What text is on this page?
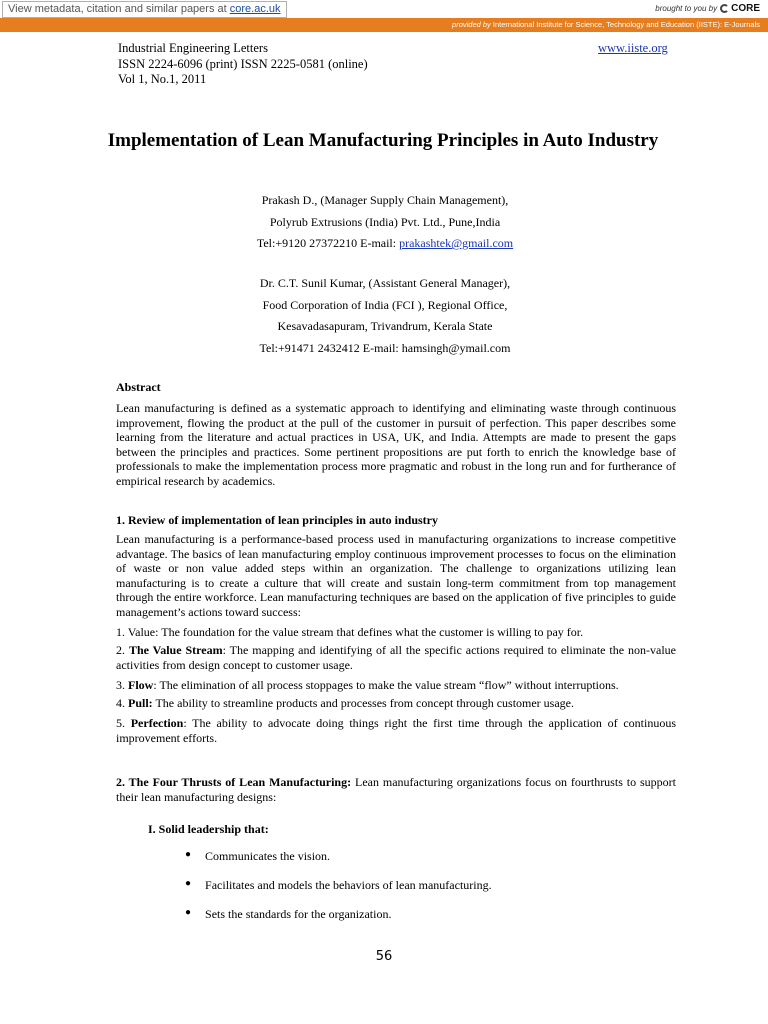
View metadata, citation and similar papers at core.ac.uk	brought to you by CORE
provided by International Institute for Science, Technology and Education (IISTE): E-Journals
Industrial Engineering Letters
ISSN 2224-6096 (print) ISSN 2225-0581 (online)
Vol 1, No.1, 2011
www.iiste.org
Implementation of Lean Manufacturing Principles in Auto Industry
Prakash D., (Manager Supply Chain Management),
Polyrub Extrusions (India) Pvt. Ltd., Pune,India
Tel:+9120 27372210 E-mail: prakashtek@gmail.com
Dr. C.T. Sunil Kumar, (Assistant General Manager),
Food Corporation of India (FCI ), Regional Office,
Kesavadasapuram, Trivandrum, Kerala State
Tel:+91471 2432412 E-mail: hamsingh@ymail.com
Abstract
Lean manufacturing is defined as a systematic approach to identifying and eliminating waste through continuous improvement, flowing the product at the pull of the customer in pursuit of perfection. This paper describes some learning from the literature and actual practices in USA, UK, and India. Attempts are made to present the gaps between the principles and practices. Some pertinent propositions are put forth to enrich the knowledge base of professionals to make the implementation process more pragmatic and robust in the long run and for furtherance of empirical research by academics.
1. Review of implementation of lean principles in auto industry
Lean manufacturing is a performance-based process used in manufacturing organizations to increase competitive advantage. The basics of lean manufacturing employ continuous improvement processes to focus on the elimination of waste or non value added steps within an organization. The challenge to organizations utilizing lean manufacturing is to create a culture that will create and sustain long-term commitment from top management through the entire workforce. Lean manufacturing techniques are based on the application of five principles to guide management’s actions toward success:
1. Value: The foundation for the value stream that defines what the customer is willing to pay for.
2. The Value Stream: The mapping and identifying of all the specific actions required to eliminate the non-value activities from design concept to customer usage.
3. Flow: The elimination of all process stoppages to make the value stream “flow” without interruptions.
4. Pull: The ability to streamline products and processes from concept through customer usage.
5. Perfection: The ability to advocate doing things right the first time through the application of continuous improvement efforts.
2. The Four Thrusts of Lean Manufacturing: Lean manufacturing organizations focus on fourthrusts to support their lean manufacturing designs:
I. Solid leadership that:
● Communicates the vision.
● Facilitates and models the behaviors of lean manufacturing.
● Sets the standards for the organization.
56
